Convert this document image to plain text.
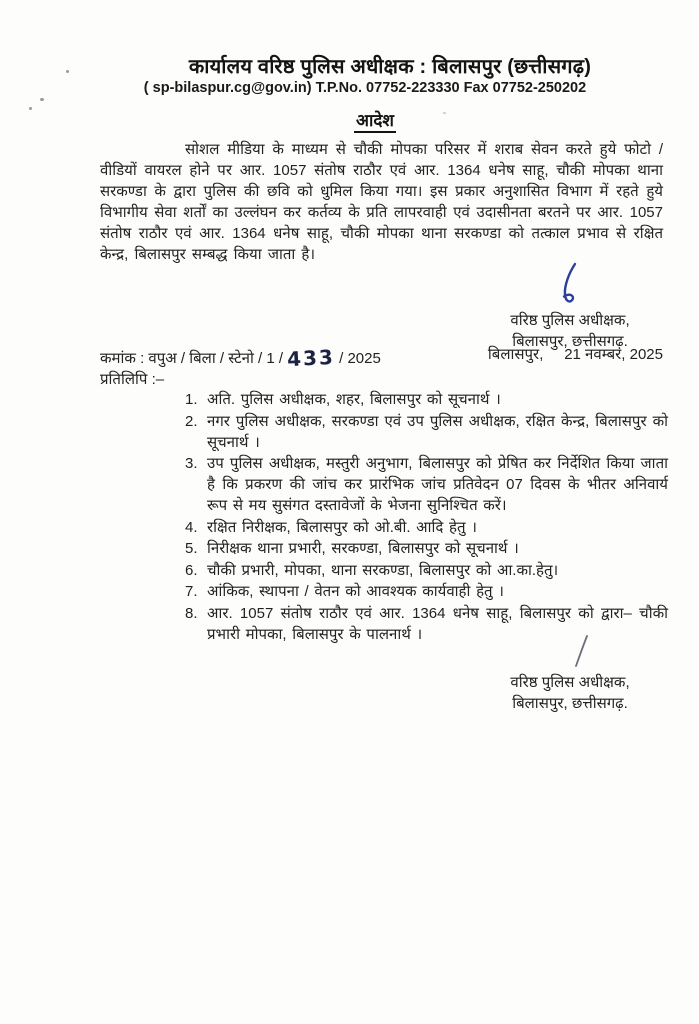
कार्यालय वरिष्ठ पुलिस अधीक्षक : बिलासपुर (छत्तीसगढ़)
( sp-bilaspur.cg@gov.in) T.P.No. 07752-223330 Fax 07752-250202
आदेश
सोशल मीडिया के माध्यम से चौकी मोपका परिसर में शराब सेवन करते हुये फोटो / वीडियों वायरल होने पर आर. 1057 संतोष राठौर एवं आर. 1364 धनेष साहू, चौकी मोपका थाना सरकण्डा के द्वारा पुलिस की छवि को धुमिल किया गया। इस प्रकार अनुशासित विभाग में रहते हुये विभागीय सेवा शर्तों का उल्लंघन कर कर्तव्य के प्रति लापरवाही एवं उदासीनता बरतने पर आर. 1057 संतोष राठौर एवं आर. 1364 धनेष साहू, चौकी मोपका थाना सरकण्डा को तत्काल प्रभाव से रक्षित केन्द्र, बिलासपुर सम्बद्ध किया जाता है।
वरिष्ठ पुलिस अधीक्षक,
बिलासपुर, छत्तीसगढ़.
कमांक : वपुअ / बिला / स्टेनो / 1 / 433 / 2025	बिलासपुर,     21 नवम्बर, 2025
प्रतिलिपि :–
1. अति. पुलिस अधीक्षक, शहर, बिलासपुर को सूचनार्थ ।
2. नगर पुलिस अधीक्षक, सरकण्डा एवं उप पुलिस अधीक्षक, रक्षित केन्द्र, बिलासपुर को सूचनार्थ ।
3. उप पुलिस अधीक्षक, मस्तुरी अनुभाग, बिलासपुर को प्रेषित कर निर्देशित किया जाता है कि प्रकरण की जांच कर प्रारंभिक जांच प्रतिवेदन 07 दिवस के भीतर अनिवार्य रूप से मय सुसंगत दस्तावेजों के भेजना सुनिश्चित करें।
4. रक्षित निरीक्षक, बिलासपुर को ओ.बी. आदि हेतु ।
5. निरीक्षक थाना प्रभारी, सरकण्डा, बिलासपुर को सूचनार्थ ।
6. चौकी प्रभारी, मोपका, थाना सरकण्डा, बिलासपुर को आ.का.हेतु।
7. आंकिक, स्थापना / वेतन को आवश्यक कार्यवाही हेतु ।
8. आर. 1057 संतोष राठौर एवं आर. 1364 धनेष साहू, बिलासपुर को द्वारा– चौकी प्रभारी मोपका, बिलासपुर के पालनार्थ ।
वरिष्ठ पुलिस अधीक्षक,
बिलासपुर, छत्तीसगढ़.
